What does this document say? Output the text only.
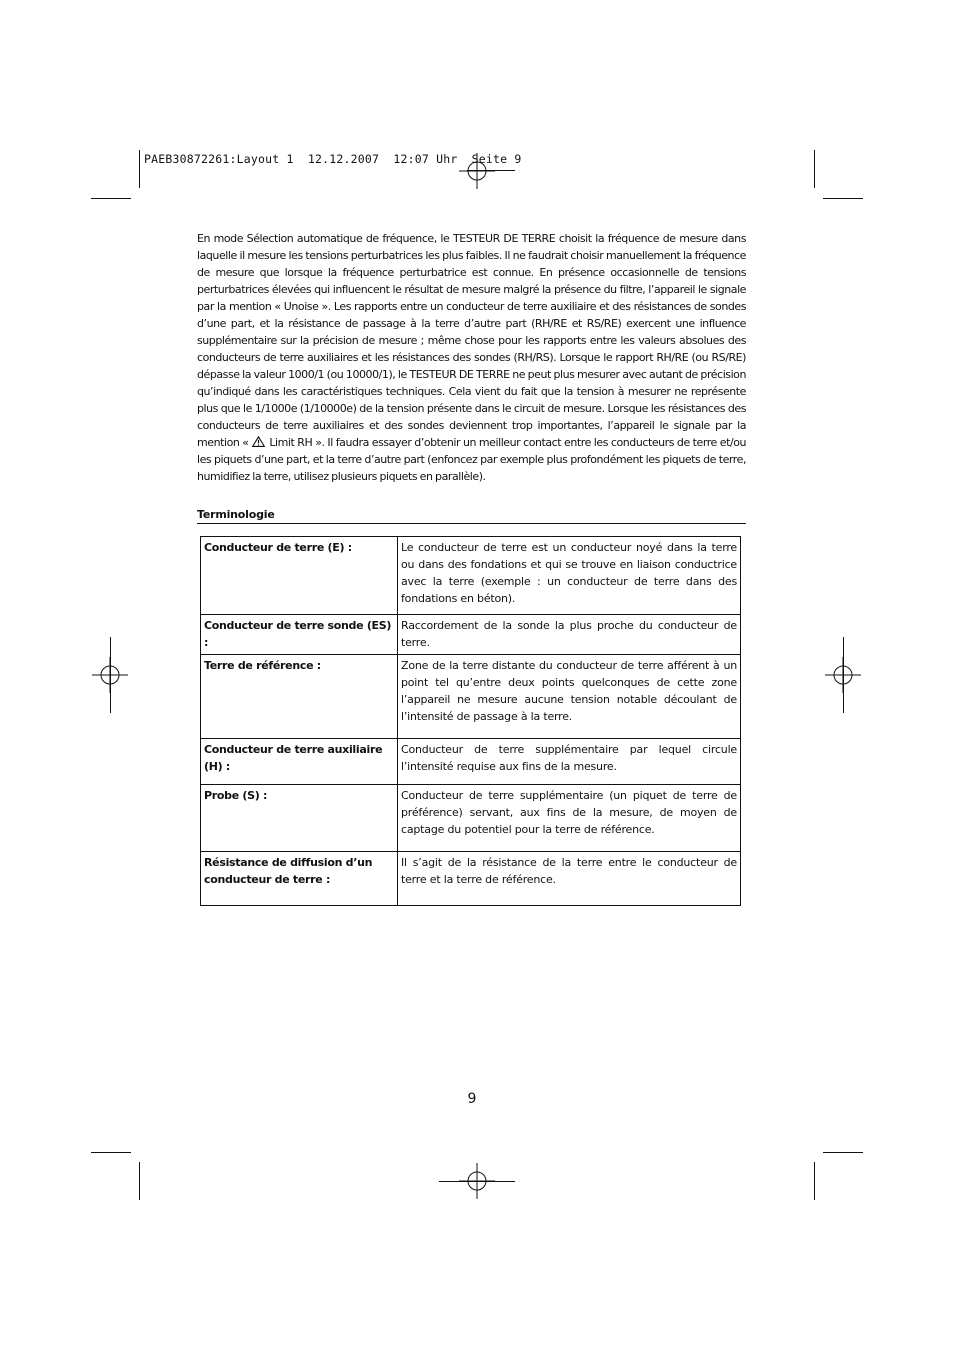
PAEB30872261:Layout 1  12.12.2007  12:07 Uhr  Seite 9

En mode Sélection automatique de fréquence, le TESTEUR DE TERRE choisit la fréquence de mesure dans laquelle il mesure les tensions perturbatrices les plus faibles. Il ne faudrait choisir manuellement la fréquence de mesure que lorsque la fréquence perturbatrice est connue. En présence occasionnelle de tensions perturbatrices élevées qui influencent le résultat de mesure malgré la présence du filtre, l’appareil le signale par la mention « Unoise ». Les rapports entre un conducteur de terre auxiliaire et des résistances de sondes d’une part, et la résistance de passage à la terre d’autre part (RH/RE et RS/RE) exercent une influence supplémentaire sur la précision de mesure ; même chose pour les rapports entre les valeurs absolues des conducteurs de terre auxiliaires et les résistances des sondes (RH/RS). Lorsque le rapport RH/RE (ou RS/RE) dépasse la valeur 1000/1 (ou 10000/1), le TESTEUR DE TERRE ne peut plus mesurer avec autant de précision qu’indiqué dans les caractéristiques techniques. Cela vient du fait que la tension à mesurer ne représente plus que le 1/1000e (1/10000e) de la tension présente dans le circuit de mesure. Lorsque les résistances des conducteurs de terre auxiliaires et des sondes deviennent trop importantes, l’appareil le signale par la mention «  Limit RH ». Il faudra essayer d’obtenir un meilleur contact entre les conducteurs de terre et/ou les piquets d’une part, et la terre d’autre part (enfoncez par exemple plus profondément les piquets de terre, humidifiez la terre, utilisez plusieurs piquets en parallèle).

Terminologie

Conducteur de terre (E) :	Le conducteur de terre est un conducteur noyé dans la terre ou dans des fondations et qui se trouve en liaison conductrice avec la terre (exemple : un conducteur de terre dans des fondations en béton).
Conducteur de terre sonde (ES) :	Raccordement de la sonde la plus proche du conducteur de terre.
Terre de référence :	Zone de la terre distante du conducteur de terre afférent à un point tel qu’entre deux points quelconques de cette zone l’appareil ne mesure aucune tension notable découlant de l’intensité de passage à la terre.
Conducteur de terre auxiliaire (H) :	Conducteur de terre supplémentaire par lequel circule l’intensité requise aux fins de la mesure.
Probe (S) :	Conducteur de terre supplémentaire (un piquet de terre de préférence) servant, aux fins de la mesure, de moyen de captage du potentiel pour la terre de référence.
Résistance de diffusion d’un conducteur de terre :	Il s’agit de la résistance de la terre entre le conducteur de terre et la terre de référence.

9
